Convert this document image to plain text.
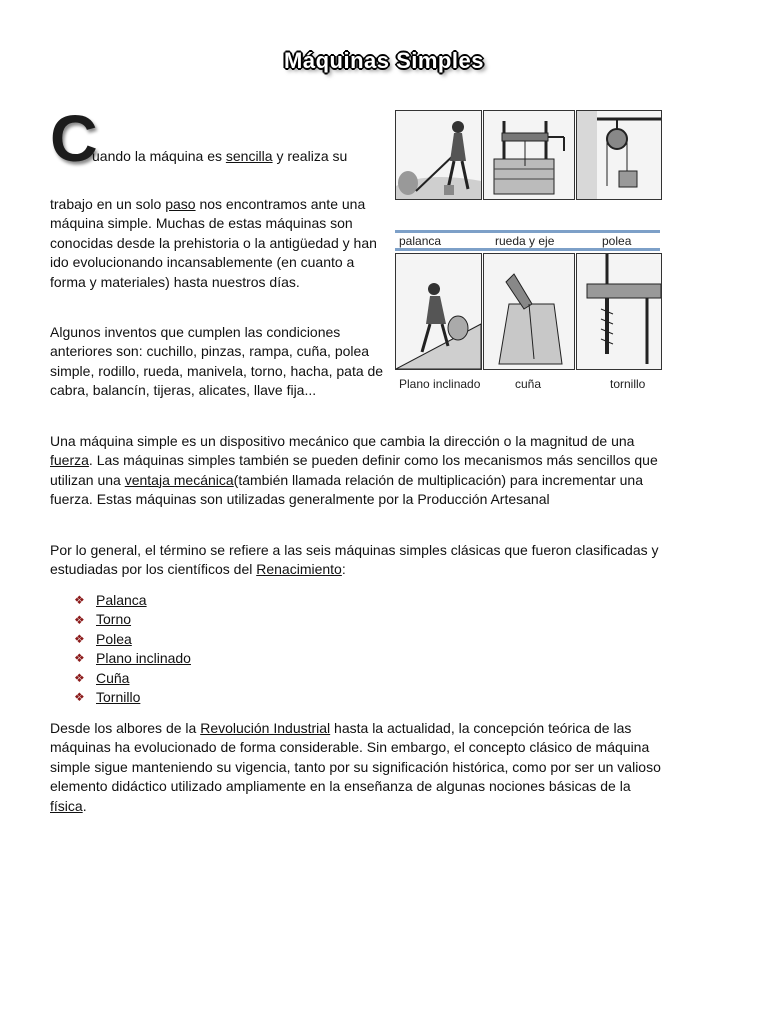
Máquinas Simples
C
uando la máquina es sencilla y realiza su
trabajo en un solo paso nos encontramos ante una máquina simple. Muchas de estas máquinas son conocidas desde la prehistoria o la antigüedad y han ido evolucionando incansablemente (en cuanto a forma y materiales) hasta nuestros días.
Algunos inventos que cumplen las condiciones anteriores son: cuchillo, pinzas, rampa, cuña, polea simple, rodillo, rueda, manivela, torno, hacha, pata de cabra, balancín, tijeras, alicates, llave fija...
palanca	rueda y eje	polea
Plano inclinado	cuña	tornillo
Una máquina simple es un dispositivo mecánico que cambia la dirección o la magnitud de una fuerza. Las máquinas simples también se pueden definir como los mecanismos más sencillos que utilizan una ventaja mecánica(también llamada relación de multiplicación) para incrementar una fuerza. Estas máquinas son utilizadas generalmente por la Producción Artesanal
Por lo general, el término se refiere a las seis máquinas simples clásicas que fueron clasificadas y estudiadas por los científicos del Renacimiento:
❖ Palanca
❖ Torno
❖ Polea
❖ Plano inclinado
❖ Cuña
❖ Tornillo
Desde los albores de la Revolución Industrial hasta la actualidad, la concepción teórica de las máquinas ha evolucionado de forma considerable. Sin embargo, el concepto clásico de máquina simple sigue manteniendo su vigencia, tanto por su significación histórica, como por ser un valioso elemento didáctico utilizado ampliamente en la enseñanza de algunas nociones básicas de la física.
